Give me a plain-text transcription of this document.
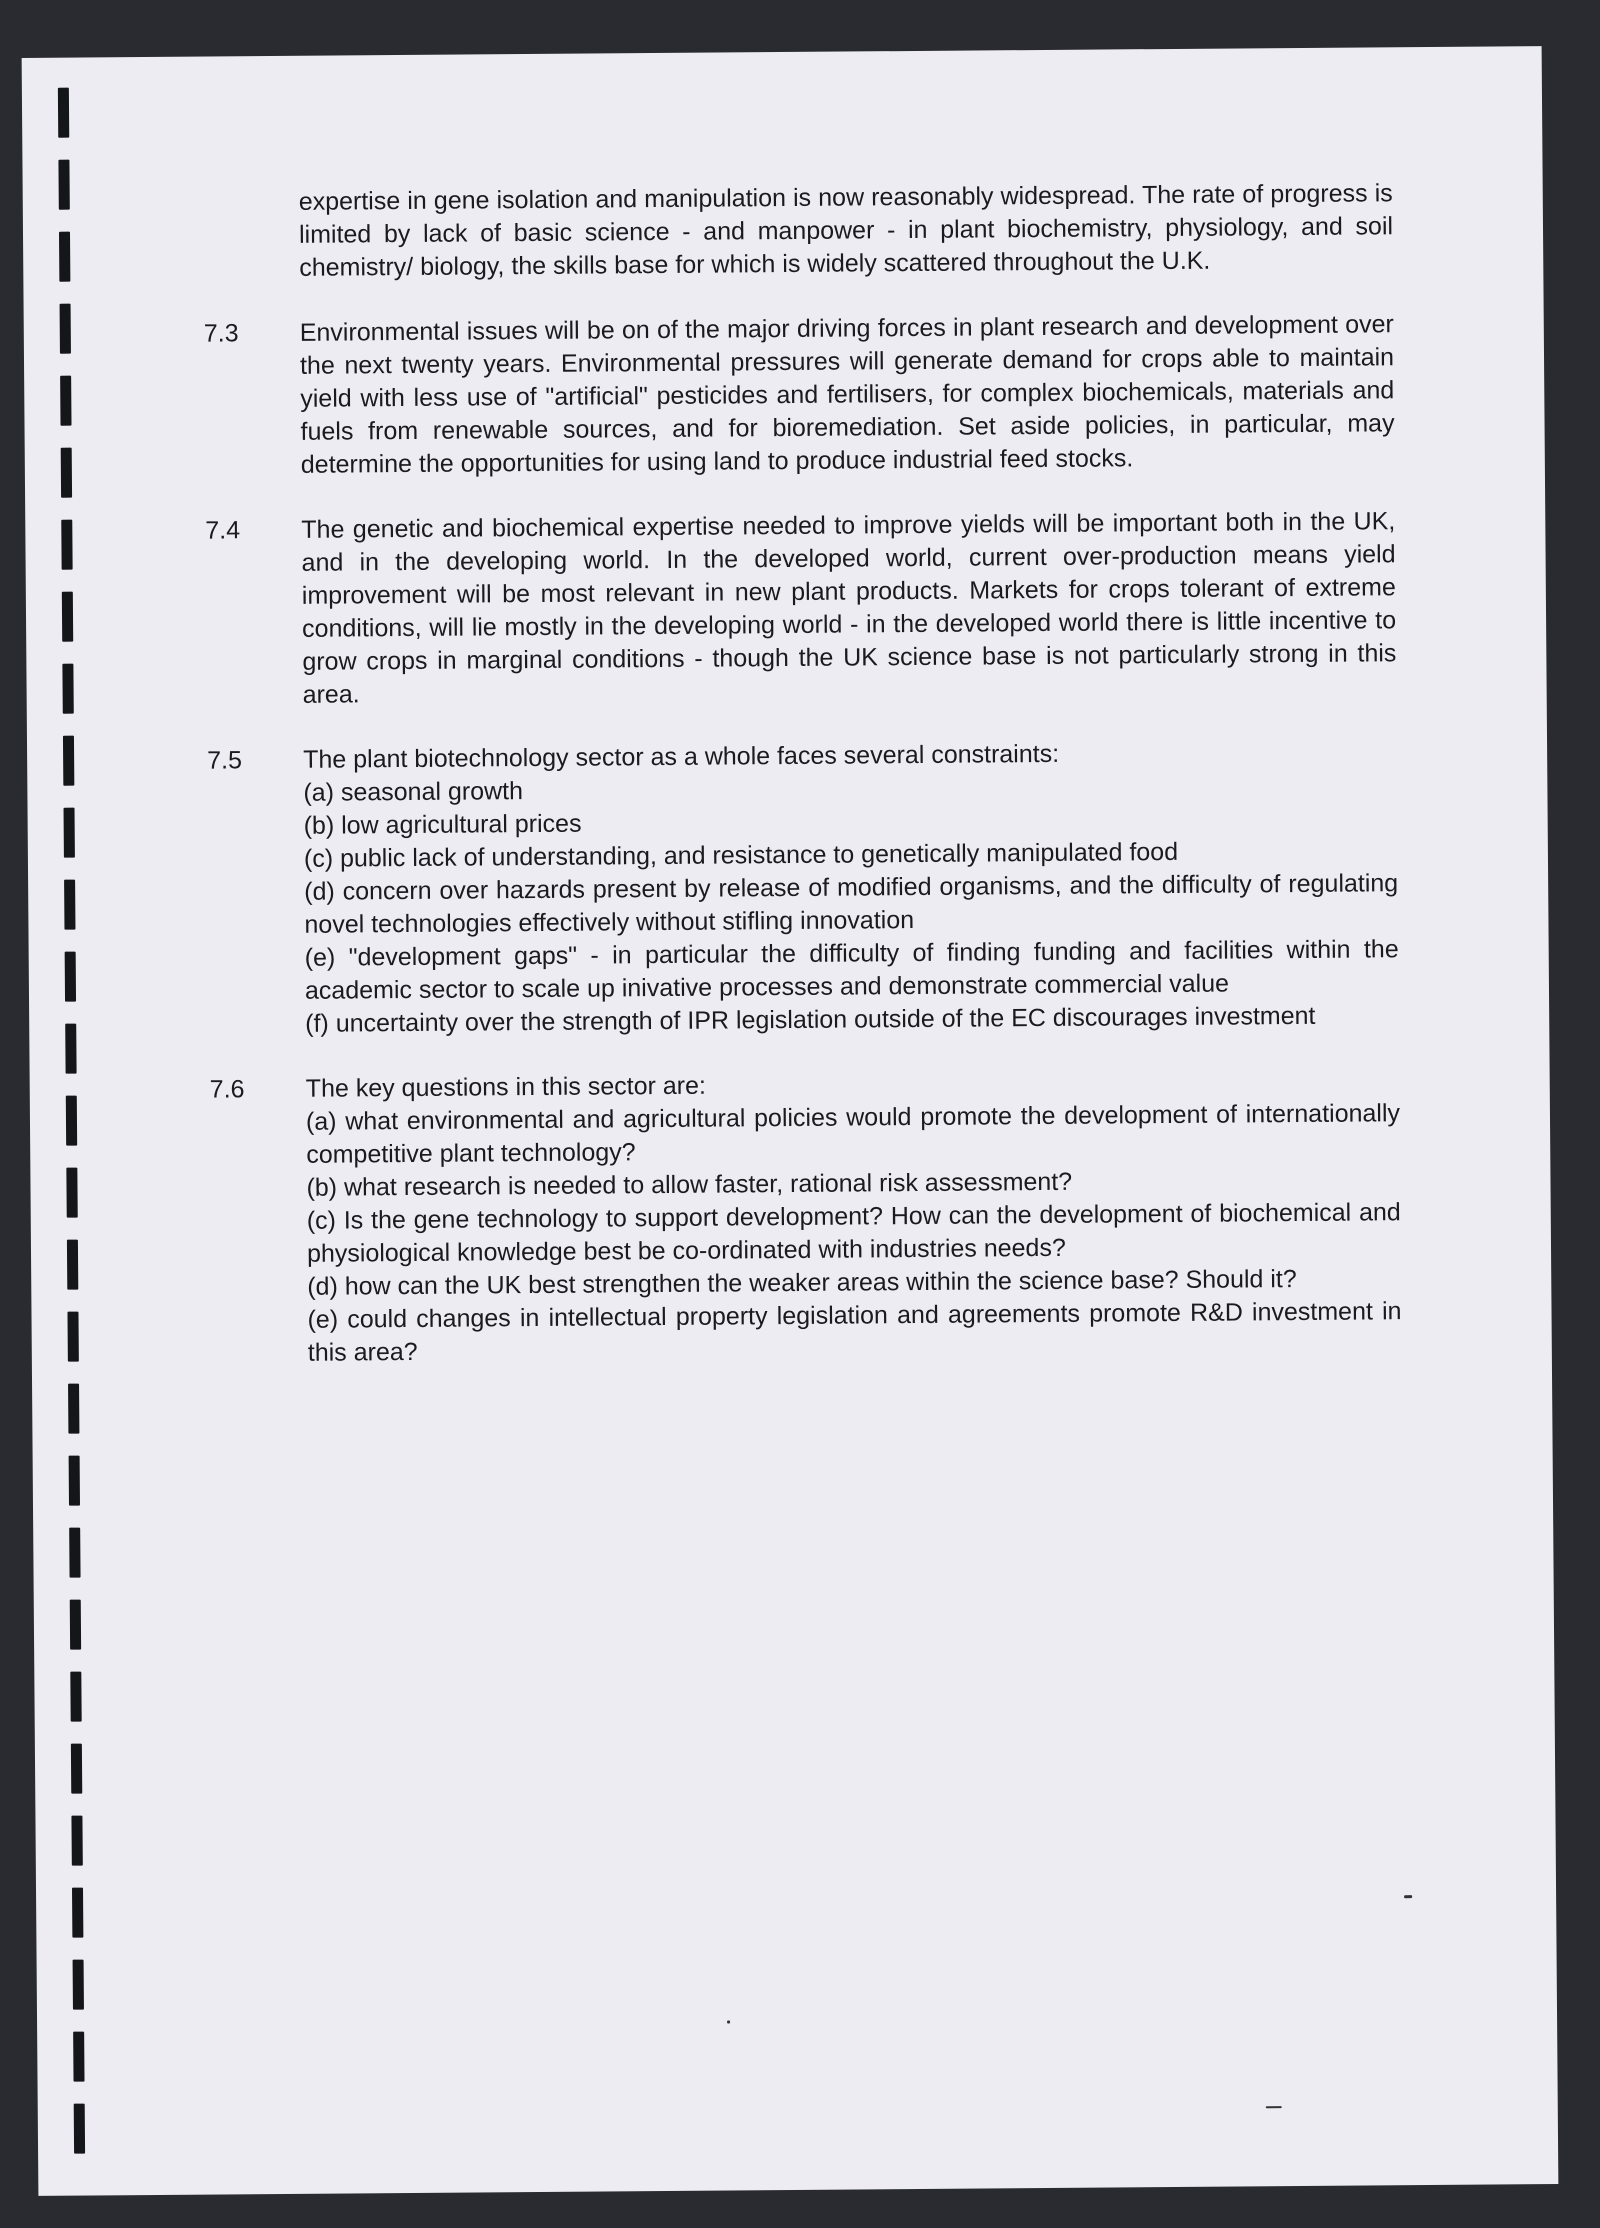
expertise in gene isolation and manipulation is now reasonably widespread. The rate of progress is limited by lack of basic science - and manpower - in plant biochemistry, physiology, and soil chemistry/ biology, the skills base for which is widely scattered throughout the U.K.
7.3	Environmental issues will be on of the major driving forces in plant research and development over the next twenty years. Environmental pressures will generate demand for crops able to maintain yield with less use of "artificial" pesticides and fertilisers, for complex biochemicals, materials and fuels from renewable sources, and for bioremediation. Set aside policies, in particular, may determine the opportunities for using land to produce industrial feed stocks.
7.4	The genetic and biochemical expertise needed to improve yields will be important both in the UK, and in the developing world. In the developed world, current over-production means yield improvement will be most relevant in new plant products. Markets for crops tolerant of extreme conditions, will lie mostly in the developing world - in the developed world there is little incentive to grow crops in marginal conditions - though the UK science base is not particularly strong in this area.
7.5	The plant biotechnology sector as a whole faces several constraints:

(a) seasonal growth

(b) low agricultural prices

(c) public lack of understanding, and resistance to genetically manipulated food

(d) concern over hazards present by release of modified organisms, and the difficulty of regulating novel technologies effectively without stifling innovation

(e) "development gaps" - in particular the difficulty of finding funding and facilities within the academic sector to scale up inivative processes and demonstrate commercial value

(f) uncertainty over the strength of IPR legislation outside of the EC discourages investment

7.6	The key questions in this sector are:

(a) what environmental and agricultural policies would promote the development of internationally competitive plant technology?

(b) what research is needed to allow faster, rational risk assessment?

(c) Is the gene technology to support development? How can the development of biochemical and physiological knowledge best be co-ordinated with industries needs?

(d) how can the UK best strengthen the weaker areas within the science base? Should it?

(e) could changes in intellectual property legislation and agreements promote R&D investment in this area?
